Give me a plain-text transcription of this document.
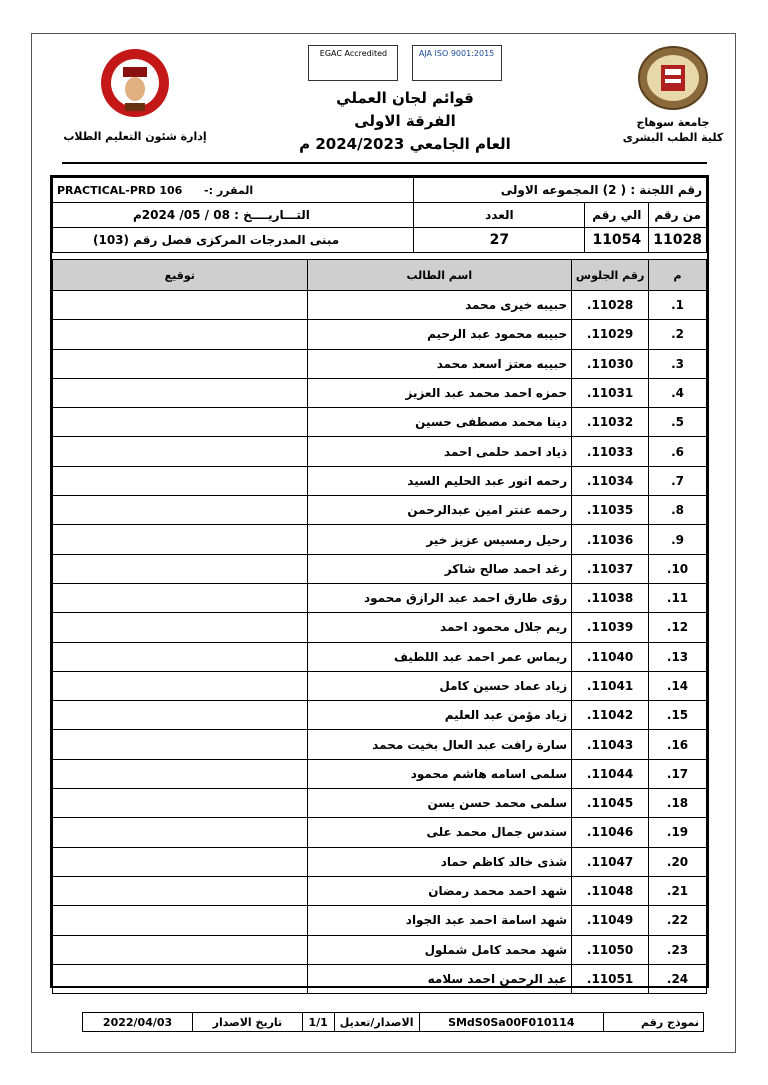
جامعة سوهاج
كلية الطب البشرى
EGAC Accredited	AJA ISO 9001:2015
قوائم لجان العملي
الفرقة الاولى
العام الجامعي 2024/2023 م
إدارة شئون التعليم الطلاب
رقم اللجنة : ( 2) المجموعه الاولى			PRACTICAL-PRD 106 المقرر :-
من رقم	الي رقم	العدد	التـــاريــــخ : 08 / 05/ 2024م
11028	11054	27	مبنى المدرجات المركزى فصل رقم (103)
م	رقم الجلوس	اسم الطالب	توقيع
1.	11028.	حبيبه خيرى محمد	
2.	11029.	حبيبه محمود عبد الرحيم	
3.	11030.	حبيبه معتز اسعد محمد	
4.	11031.	حمزه احمد محمد عبد العزيز	
5.	11032.	دينا محمد مصطفى حسين	
6.	11033.	ذياد احمد حلمى احمد	
7.	11034.	رحمه انور عبد الحليم السيد	
8.	11035.	رحمه عنتر امين عبدالرحمن	
9.	11036.	رحيل رمسيس عزيز خير	
10.	11037.	رغد احمد صالح شاكر	
11.	11038.	رؤى طارق احمد عبد الرازق محمود	
12.	11039.	ريم جلال محمود احمد	
13.	11040.	ريماس عمر احمد عبد اللطيف	
14.	11041.	زياد عماد حسين كامل	
15.	11042.	زياد مؤمن عبد العليم	
16.	11043.	سارة رافت عبد العال بخيت محمد	
17.	11044.	سلمى اسامه هاشم محمود	
18.	11045.	سلمى محمد حسن يسن	
19.	11046.	سندس جمال محمد على	
20.	11047.	شذى خالد كاظم حماد	
21.	11048.	شهد احمد محمد رمضان	
22.	11049.	شهد اسامة احمد عبد الجواد	
23.	11050.	شهد محمد كامل شملول	
24.	11051.	عبد الرحمن احمد سلامه	
نموذج رقم	SMdS0Sa00F010114	الاصدار/تعديل	1/1	تاريخ الاصدار	2022/04/03
